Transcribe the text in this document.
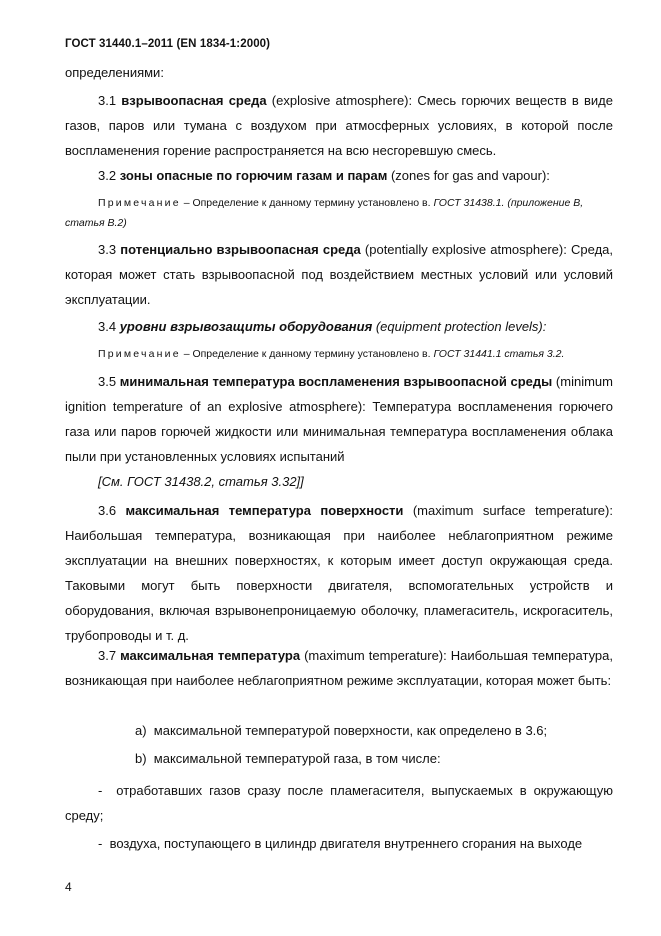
ГОСТ 31440.1–2011 (EN 1834-1:2000)
определениями:
3.1 взрывоопасная среда (explosive atmosphere): Смесь горючих веществ в виде газов, паров или тумана с воздухом при атмосферных условиях, в которой после воспламенения горение распространяется на всю несгоревшую смесь.
3.2 зоны опасные по горючим газам и парам (zones for gas and vapour):
Примечание – Определение к данному термину установлено в. ГОСТ 31438.1. (приложение В, статья В.2)
3.3 потенциально взрывоопасная среда (potentially explosive atmosphere): Среда, которая может стать взрывоопасной под воздействием местных условий или условий эксплуатации.
3.4 уровни взрывозащиты оборудования (equipment protection levels):
Примечание – Определение к данному термину установлено в. ГОСТ 31441.1 статья 3.2.
3.5 минимальная температура воспламенения взрывоопасной среды (minimum ignition temperature of an explosive atmosphere): Температура воспламенения горючего газа или паров горючей жидкости или минимальная температура воспламенения облака пыли при установленных условиях испытаний
[См. ГОСТ 31438.2, статья 3.32]]
3.6 максимальная температура поверхности (maximum surface temperature): Наибольшая температура, возникающая при наиболее неблагоприятном режиме эксплуатации на внешних поверхностях, к которым имеет доступ окружающая среда. Таковыми могут быть поверхности двигателя, вспомогательных устройств и оборудования, включая взрывонепроницаемую оболочку, пламегаситель, искрогаситель, трубопроводы и т. д.
3.7 максимальная температура (maximum temperature): Наибольшая температура, возникающая при наиболее неблагоприятном режиме эксплуатации, которая может быть:
a) максимальной температурой поверхности, как определено в 3.6;
b) максимальной температурой газа, в том числе:
- отработавших газов сразу после пламегасителя, выпускаемых в окружающую среду;
- воздуха, поступающего в цилиндр двигателя внутреннего сгорания на выходе
4
